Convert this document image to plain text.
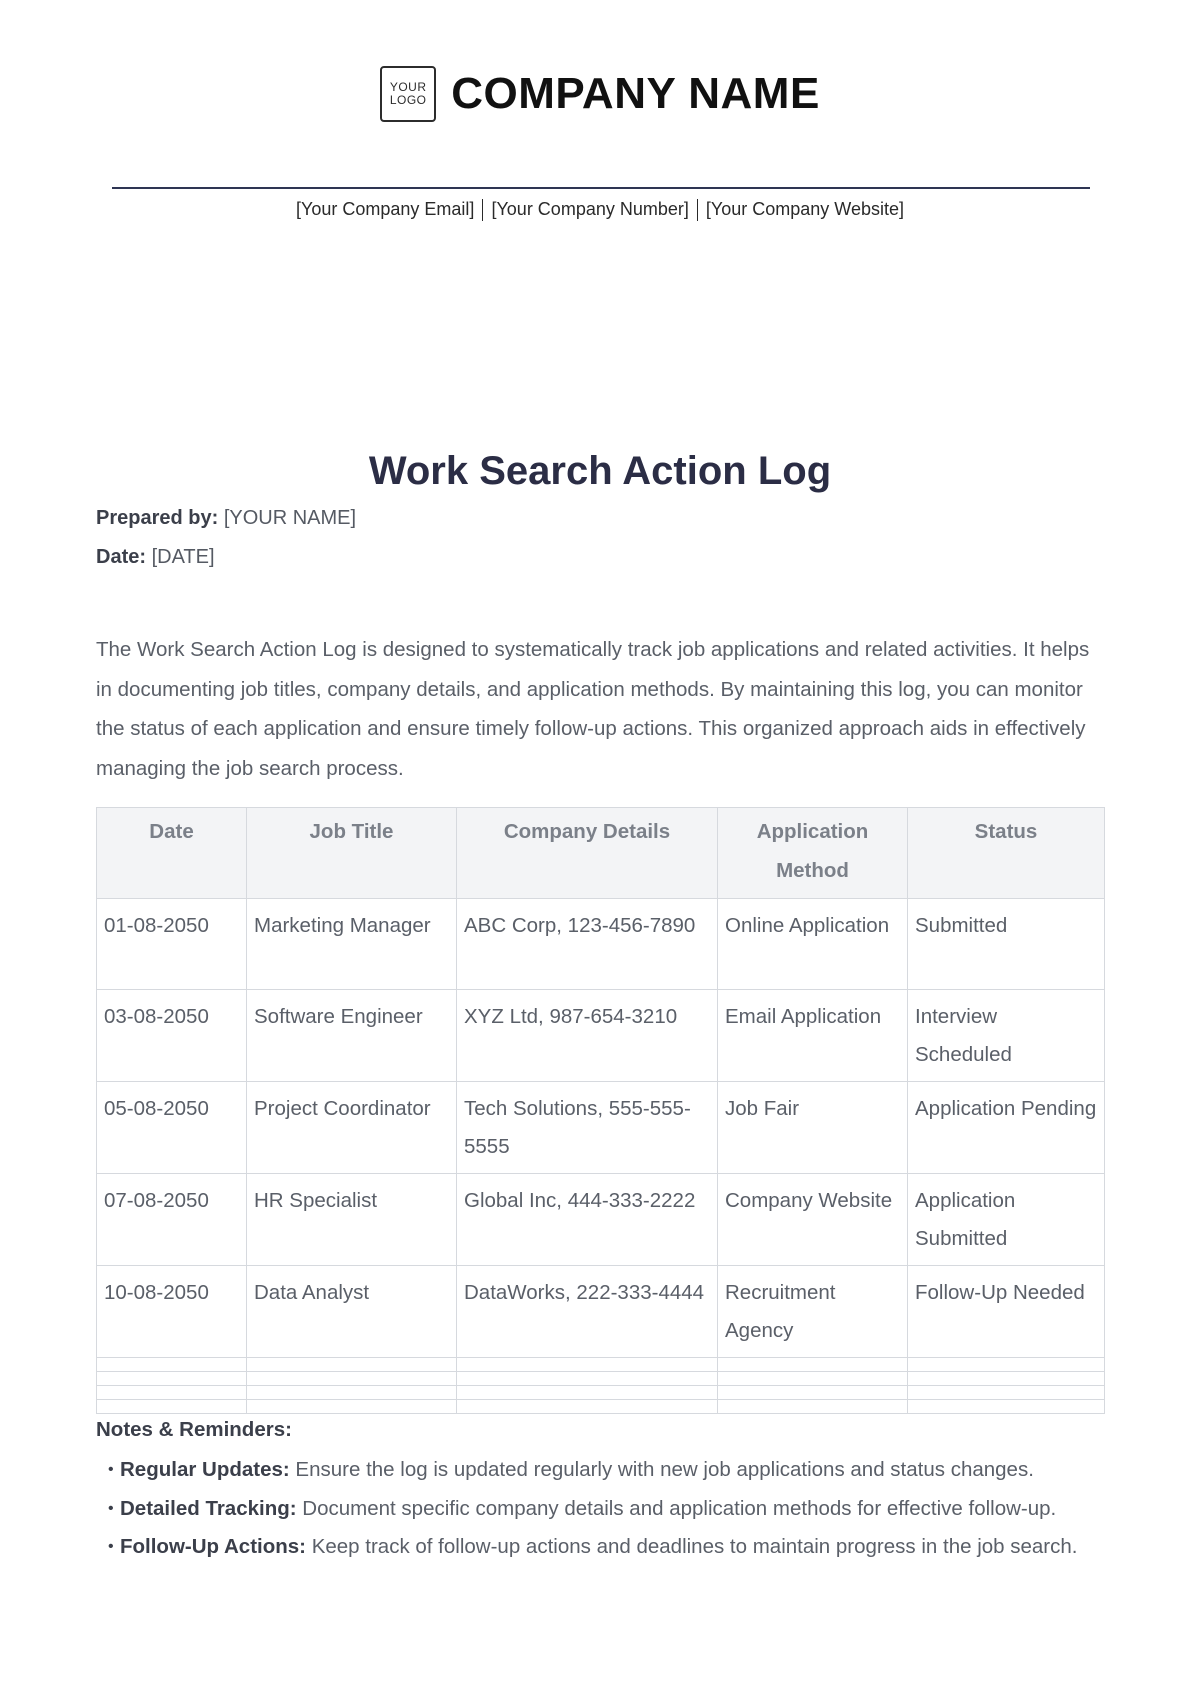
YOUR
LOGO COMPANY NAME
[Your Company Email] [Your Company Number] [Your Company Website]
Work Search Action Log
Prepared by: [YOUR NAME]
Date: [DATE]
The Work Search Action Log is designed to systematically track job applications and related activities. It helps in documenting job titles, company details, and application methods. By maintaining this log, you can monitor the status of each application and ensure timely follow-up actions. This organized approach aids in effectively managing the job search process.
Date	Job Title	Company Details	Application Method	Status
01-08-2050	Marketing Manager	ABC Corp, 123-456-7890	Online Application	Submitted
03-08-2050	Software Engineer	XYZ Ltd, 987-654-3210	Email Application	Interview Scheduled
05-08-2050	Project Coordinator	Tech Solutions, 555-555-5555	Job Fair	Application Pending
07-08-2050	HR Specialist	Global Inc, 444-333-2222	Company Website	Application Submitted
10-08-2050	Data Analyst	DataWorks, 222-333-4444	Recruitment Agency	Follow-Up Needed

Notes & Reminders:
• Regular Updates: Ensure the log is updated regularly with new job applications and status changes.
• Detailed Tracking: Document specific company details and application methods for effective follow-up.
• Follow-Up Actions: Keep track of follow-up actions and deadlines to maintain progress in the job search.
